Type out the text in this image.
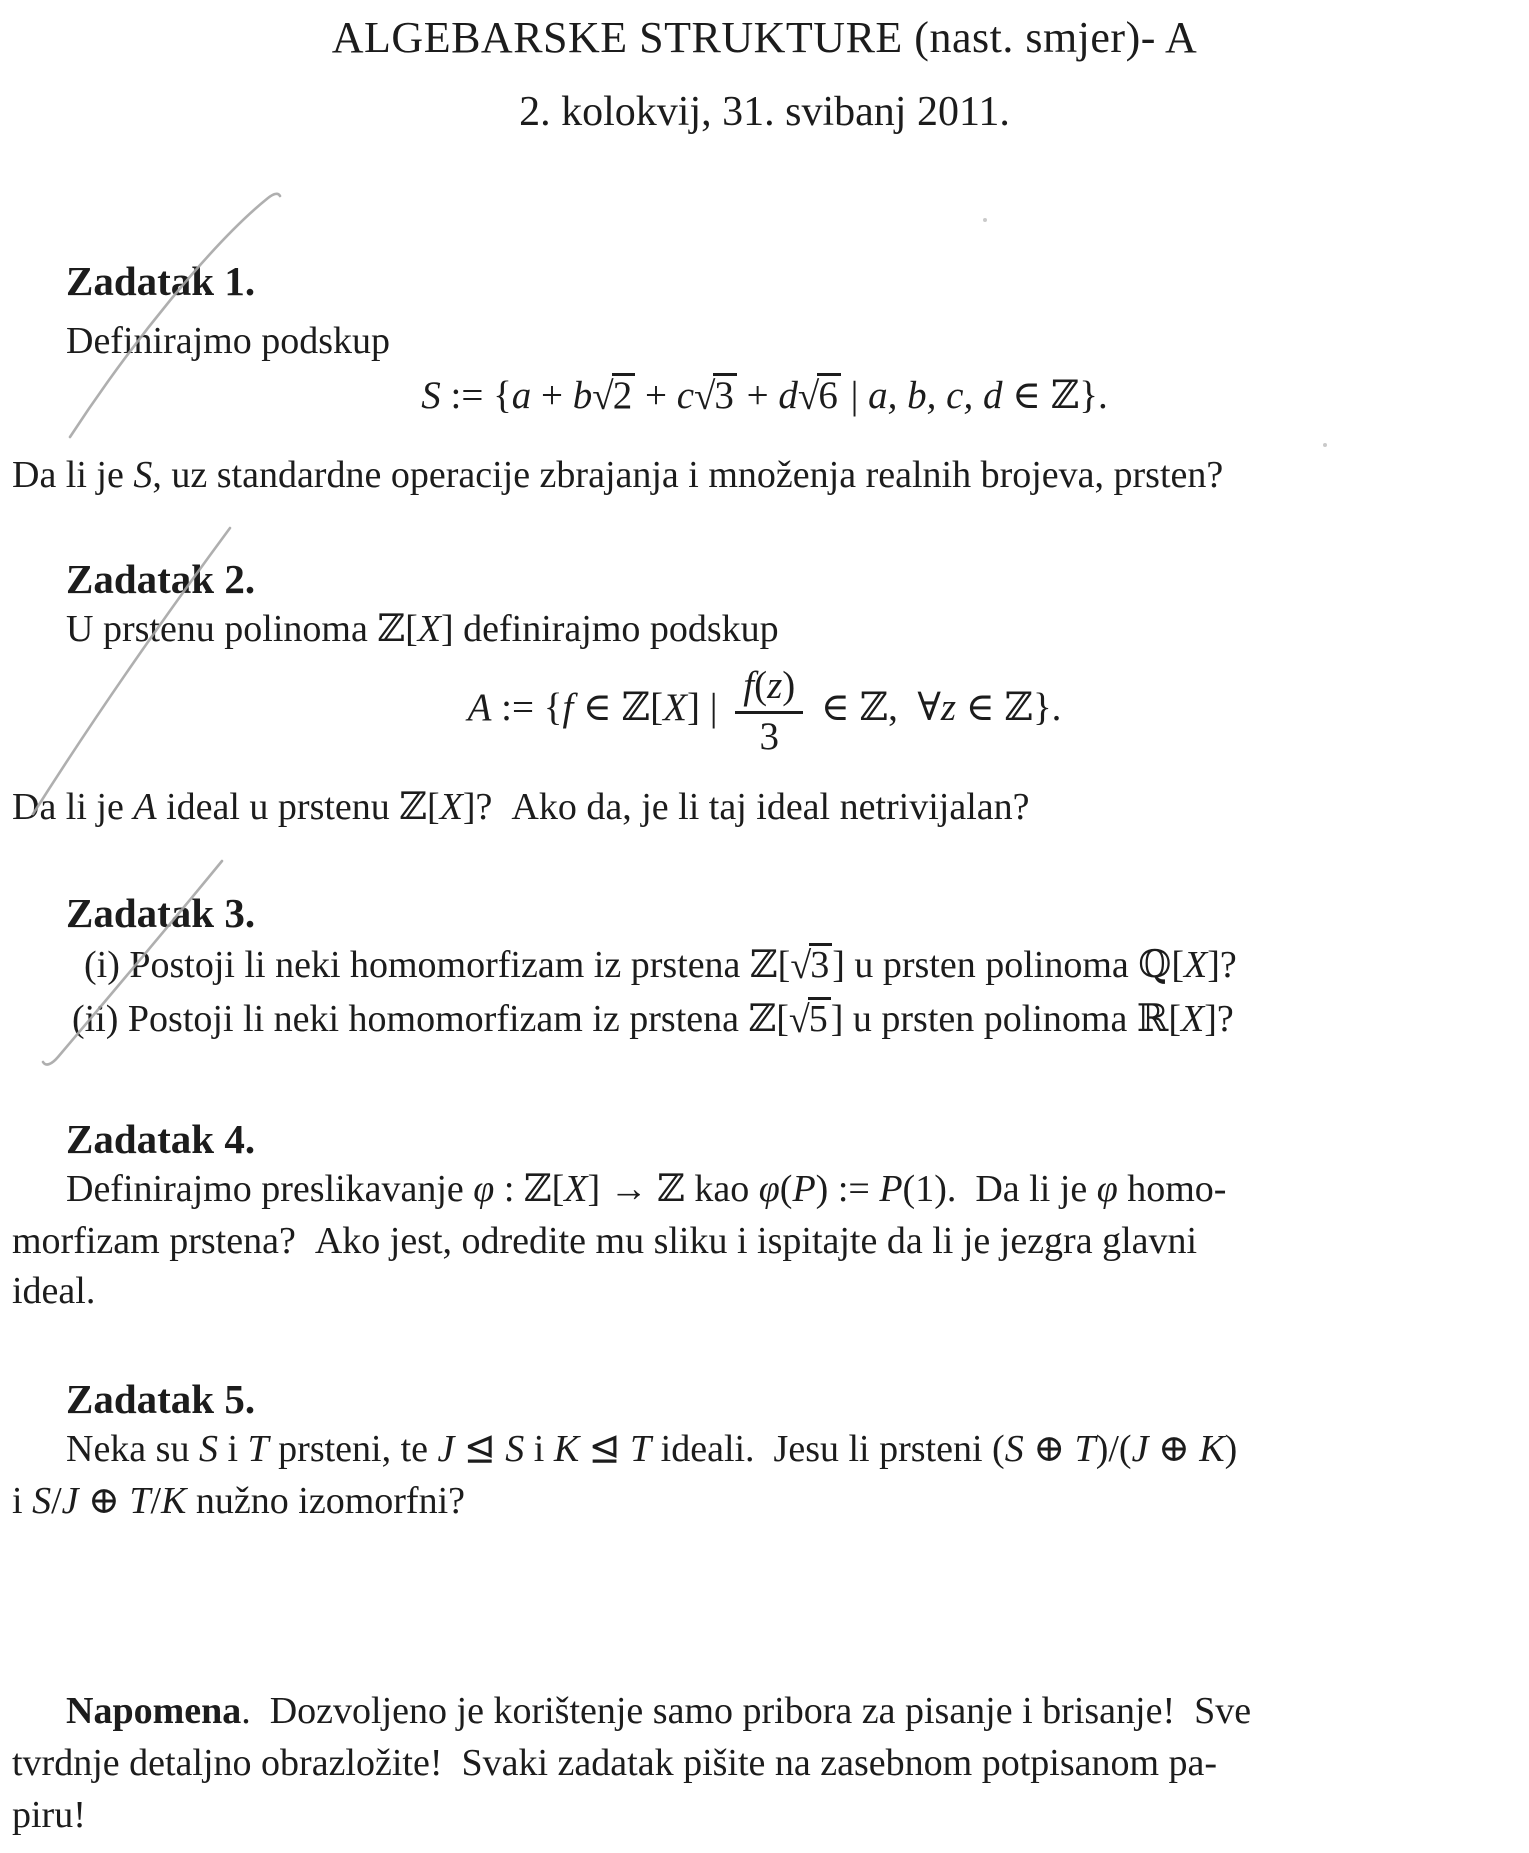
ALGEBARSKE STRUKTURE (nast. smjer)- A
2. kolokvij, 31. svibanj 2011.
Zadatak 1.
Definirajmo podskup
S := {a + b√2 + c√3 + d√6 | a, b, c, d ∈ ℤ}.
Da li je S, uz standardne operacije zbrajanja i množenja realnih brojeva, prsten?
Zadatak 2.
U prstenu polinoma ℤ[X] definirajmo podskup
A := {f ∈ ℤ[X] | $\frac{f(z)}{3}$ ∈ ℤ, ∀z ∈ ℤ}.
Da li je A ideal u prstenu ℤ[X]? Ako da, je li taj ideal netrivijalan?
Zadatak 3.
(i) Postoji li neki homomorfizam iz prstena ℤ[√3] u prsten polinoma ℚ[X]?
(ii) Postoji li neki homomorfizam iz prstena ℤ[√5] u prsten polinoma ℝ[X]?
Zadatak 4.
Definirajmo preslikavanje φ : ℤ[X] → ℤ kao φ(P) := P(1). Da li je φ homo-
morfizam prstena? Ako jest, odredite mu sliku i ispitajte da li je jezgra glavni
ideal.
Zadatak 5.
Neka su S i T prsteni, te J ⊴ S i K ⊴ T ideali. Jesu li prsteni (S ⊕ T)/(J ⊕ K)
i S/J ⊕ T/K nužno izomorfni?
Napomena. Dozvoljeno je korištenje samo pribora za pisanje i brisanje! Sve
tvrdnje detaljno obrazložite! Svaki zadatak pišite na zasebnom potpisanom pa-
piru!
